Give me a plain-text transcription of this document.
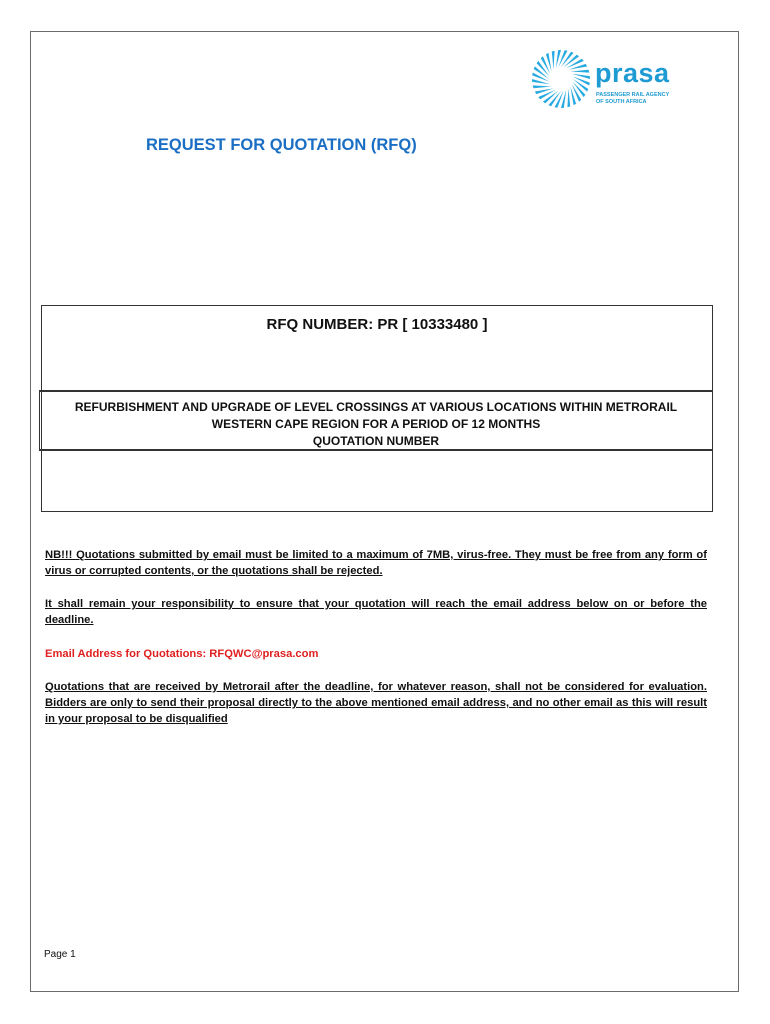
prasa
PASSENGER RAIL AGENCY
OF SOUTH AFRICA
REQUEST FOR QUOTATION (RFQ)
RFQ NUMBER: PR [ 10333480 ]
REFURBISHMENT AND UPGRADE OF LEVEL CROSSINGS AT VARIOUS LOCATIONS WITHIN METRORAIL
WESTERN CAPE REGION FOR A PERIOD OF 12 MONTHS
QUOTATION NUMBER
NB!!! Quotations submitted by email must be limited to a maximum of 7MB, virus-free. They must be free from any form of virus or corrupted contents, or the quotations shall be rejected.
It shall remain your responsibility to ensure that your quotation will reach the email address below on or before the deadline.
Email Address for Quotations: RFQWC@prasa.com
Quotations that are received by Metrorail after the deadline, for whatever reason, shall not be considered for evaluation. Bidders are only to send their proposal directly to the above mentioned email address, and no other email as this will result in your proposal to be disqualified
Page 1
